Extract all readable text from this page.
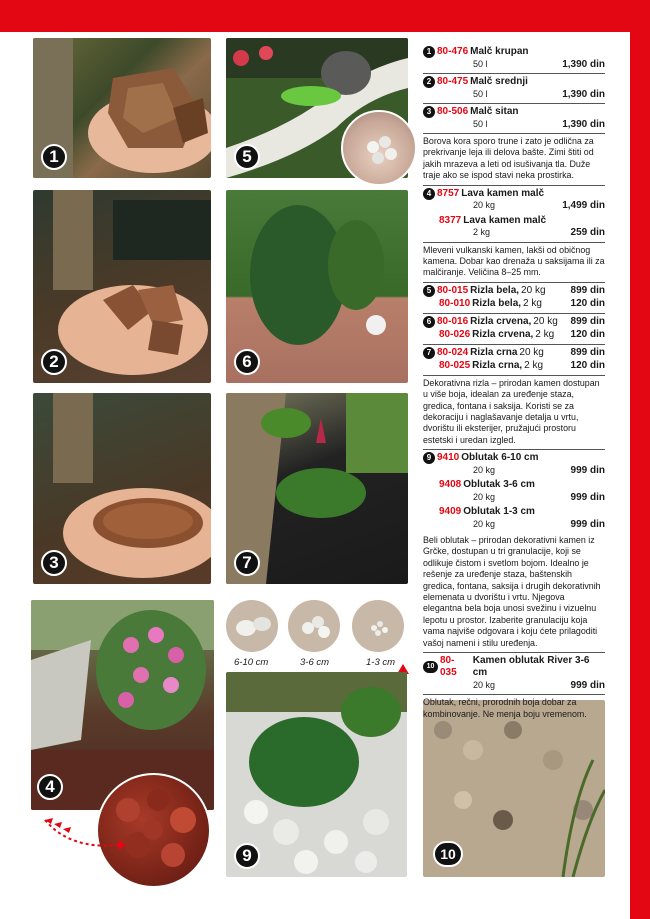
1
2
3
4
5
6
7
6-10 cm	3-6 cm	1-3 cm
9	10
1 80-476 Malč krupan
50 l	1,390 din
2 80-475 Malč srednji
50 l	1,390 din
3 80-506 Malč sitan
50 l	1,390 din
Borova kora sporo trune i zato je odlična za prekrivanje leja ili delova bašte. Zimi štiti od jakih mrazeva a leti od isušivanja tla. Duže traje ako se ispod stavi neka prostirka.
4 8757 Lava kamen malč
20 kg	1,499 din
8377 Lava kamen malč
2 kg	259 din
Mleveni vulkanski kamen, lakši od običnog kamena. Dobar kao drenaža u saksijama ili za malčiranje. Veličina 8–25 mm.
5 80-015 Rizla bela, 20 kg	899 din
80-010 Rizla bela, 2 kg	120 din
6 80-016 Rizla crvena, 20 kg 899 din
80-026 Rizla crvena, 2 kg 120 din
7 80-024 Rizla crna 20 kg	899 din
80-025 Rizla crna, 2 kg	120 din
Dekorativna rizla – prirodan kamen dostupan u više boja, idealan za uređenje staza, gredica, fontana i saksija. Koristi se za dekoraciju i naglašavanje detalja u vrtu, dvorištu ili eksterijer, pružajući prostoru estetski i uredan izgled.
9 9410 Oblutak 6-10 cm
20 kg	999 din
9408 Oblutak 3-6 cm
20 kg	999 din
9409 Oblutak 1-3 cm
20 kg	999 din
Beli oblutak – prirodan dekorativni kamen iz Grčke, dostupan u tri granulacije, koji se odlikuje čistom i svetlom bojom. Idealno je rešenje za uređenje staza, baštenskih gredica, fontana, saksija i drugih dekorativnih elemenata u dvorištu i vrtu. Njegova elegantna bela boja unosi svežinu i vizuelnu lepotu u prostor. Izaberite granulaciju koja vama najviše odgovara i koju ćete prilagoditi vašoj nameni i stilu uređenja.
10
80-035
Kamen oblutak River 3-6 cm
20 kg	999 din
Oblutak, rečni, prorodnih boja dobar za kombinovanje. Ne menja boju vremenom.
